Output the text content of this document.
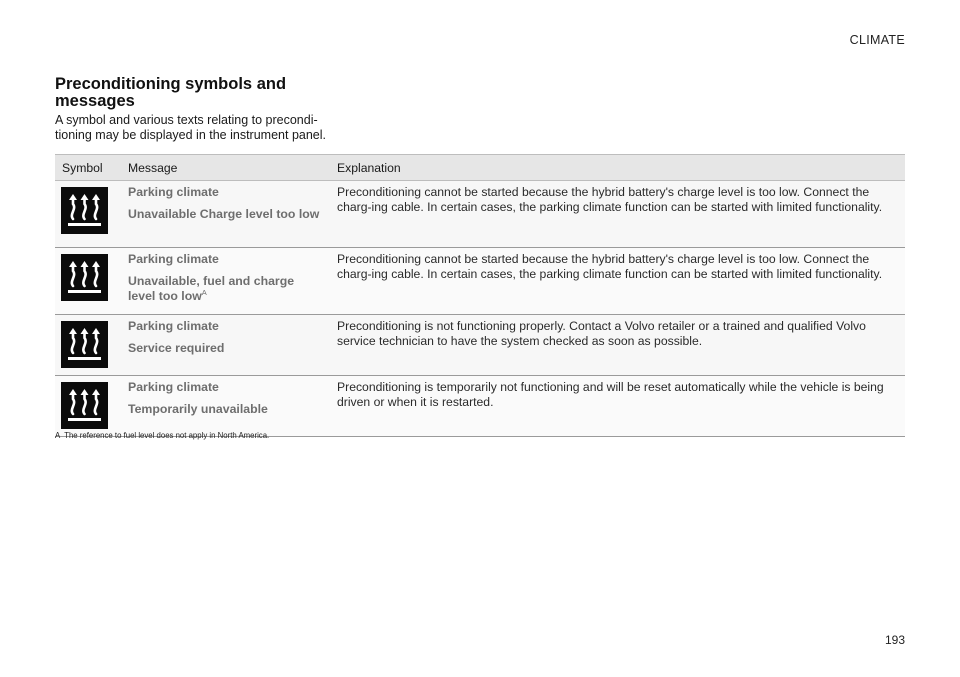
CLIMATE
Preconditioning symbols and messages
A symbol and various texts relating to precondi-tioning may be displayed in the instrument panel.
Symbol	Message	Explanation

Parking climate
Unavailable Charge level too low	Preconditioning cannot be started because the hybrid battery's charge level is too low. Connect the charg-ing cable. In certain cases, the parking climate function can be started with limited functionality.

Parking climate
Unavailable, fuel and charge level too low$^A$	Preconditioning cannot be started because the hybrid battery's charge level is too low. Connect the charg-ing cable. In certain cases, the parking climate function can be started with limited functionality.

Parking climate
Service required	Preconditioning is not functioning properly. Contact a Volvo retailer or a trained and qualified Volvo service technician to have the system checked as soon as possible.

Parking climate
Temporarily unavailable	Preconditioning is temporarily not functioning and will be reset automatically while the vehicle is being driven or when it is restarted.
A The reference to fuel level does not apply in North America.
193
